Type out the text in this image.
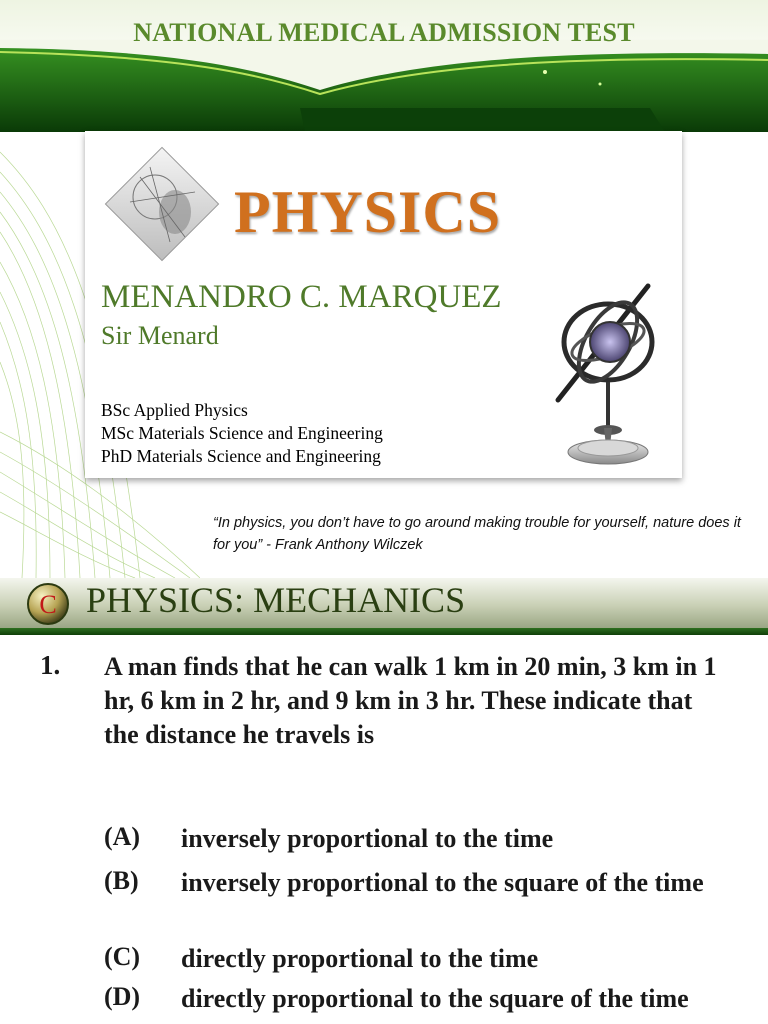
NATIONAL MEDICAL ADMISSION TEST
PHYSICS
MENANDRO C. MARQUEZ
Sir Menard
BSc Applied Physics
MSc Materials Science and Engineering
PhD Materials Science and Engineering
“In physics, you don’t have to go around making trouble for yourself, nature does it for you” - Frank Anthony Wilczek
C PHYSICS: MECHANICS
1. A man finds that he can walk 1 km in 20 min, 3 km in 1 hr, 6 km in 2 hr, and 9 km in 3 hr. These indicate that the distance he travels is
(A) inversely proportional to the time
(B) inversely proportional to the square of the time
(C) directly proportional to the time
(D) directly proportional to the square of the time
